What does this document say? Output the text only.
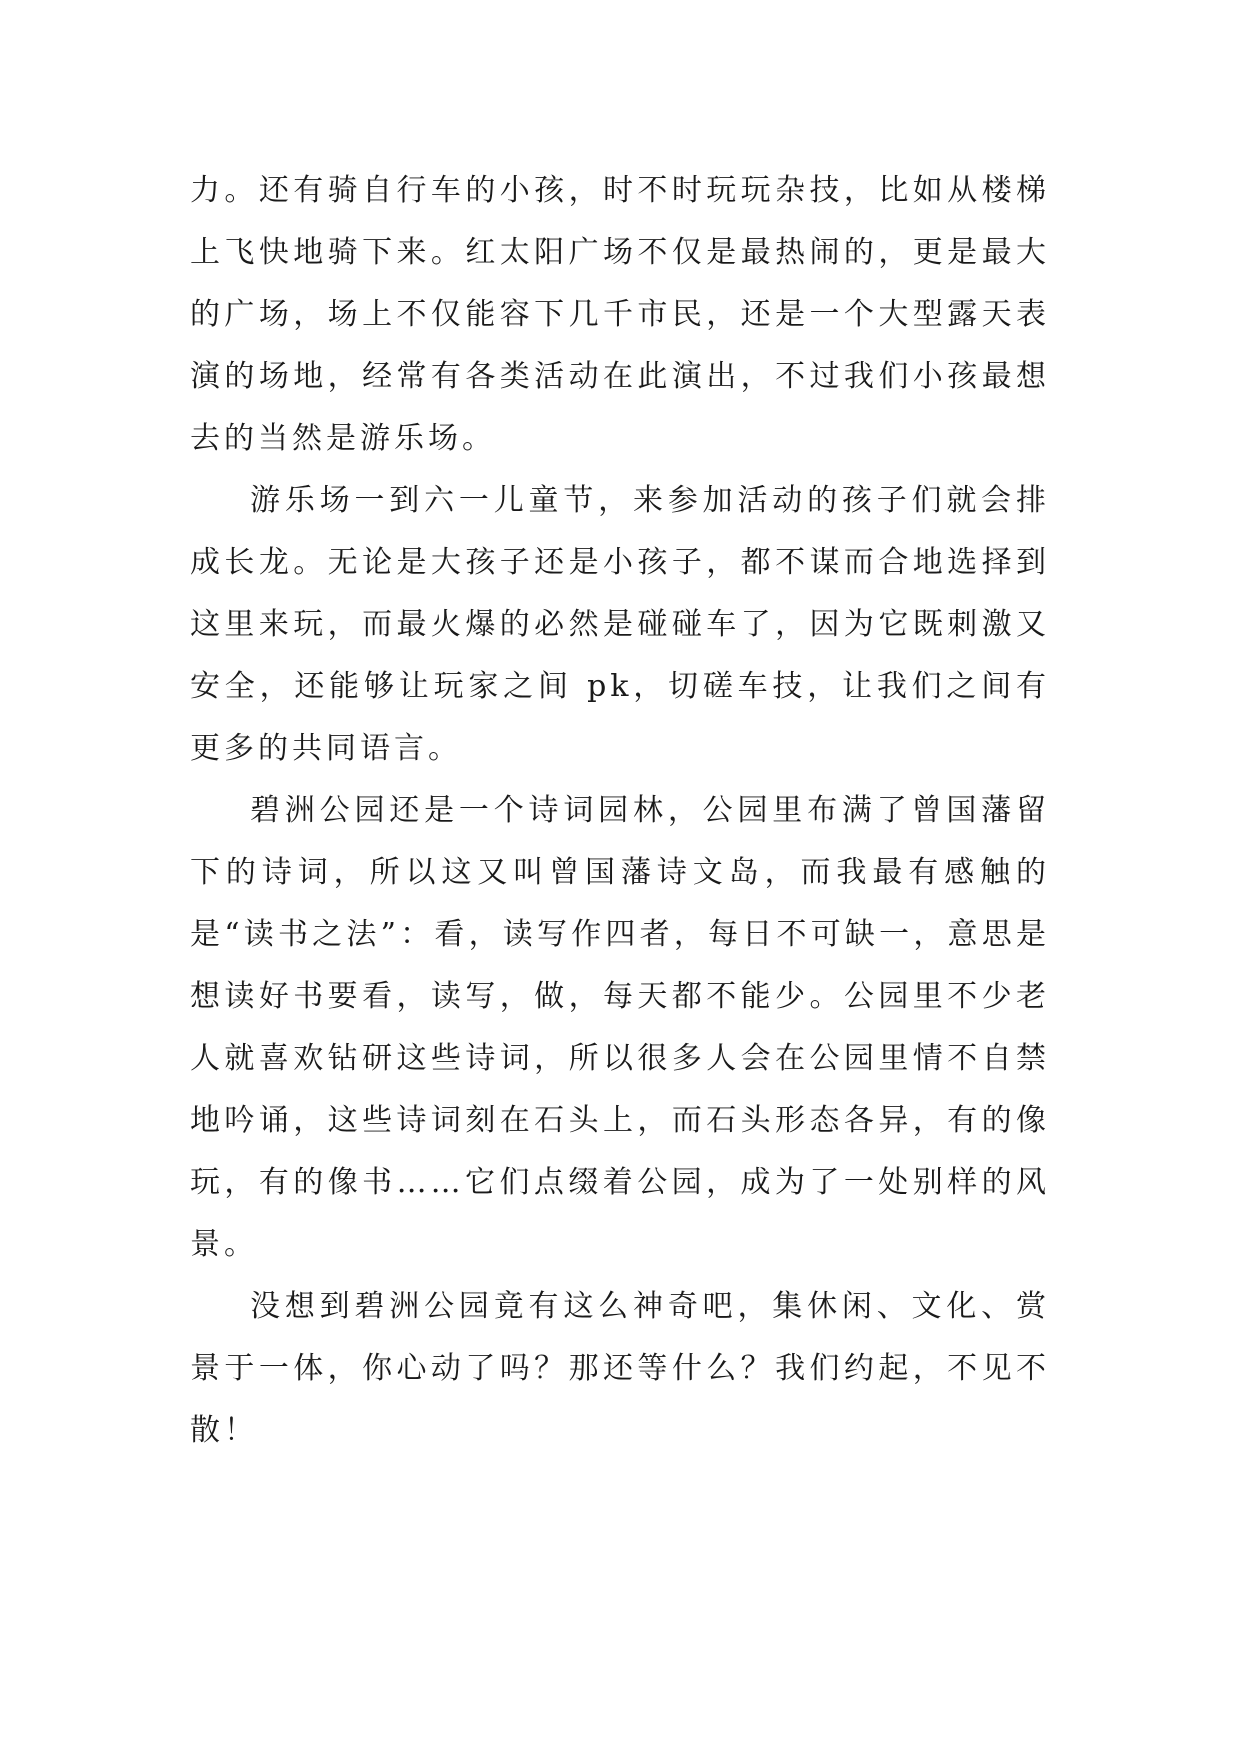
力。还有骑自行车的小孩，时不时玩玩杂技，比如从楼梯上飞快地骑下来。红太阳广场不仅是最热闹的，更是最大的广场，场上不仅能容下几千市民，还是一个大型露天表演的场地，经常有各类活动在此演出，不过我们小孩最想去的当然是游乐场。

游乐场一到六一儿童节，来参加活动的孩子们就会排成长龙。无论是大孩子还是小孩子，都不谋而合地选择到这里来玩，而最火爆的必然是碰碰车了，因为它既刺激又安全，还能够让玩家之间 pk，切磋车技，让我们之间有更多的共同语言。

碧洲公园还是一个诗词园林，公园里布满了曾国藩留下的诗词，所以这又叫曾国藩诗文岛，而我最有感触的是“读书之法”：看，读写作四者，每日不可缺一，意思是想读好书要看，读写，做，每天都不能少。公园里不少老人就喜欢钻研这些诗词，所以很多人会在公园里情不自禁地吟诵，这些诗词刻在石头上，而石头形态各异，有的像玩，有的像书……它们点缀着公园，成为了一处别样的风景。

没想到碧洲公园竟有这么神奇吧，集休闲、文化、赏景于一体，你心动了吗？那还等什么？我们约起，不见不散！
